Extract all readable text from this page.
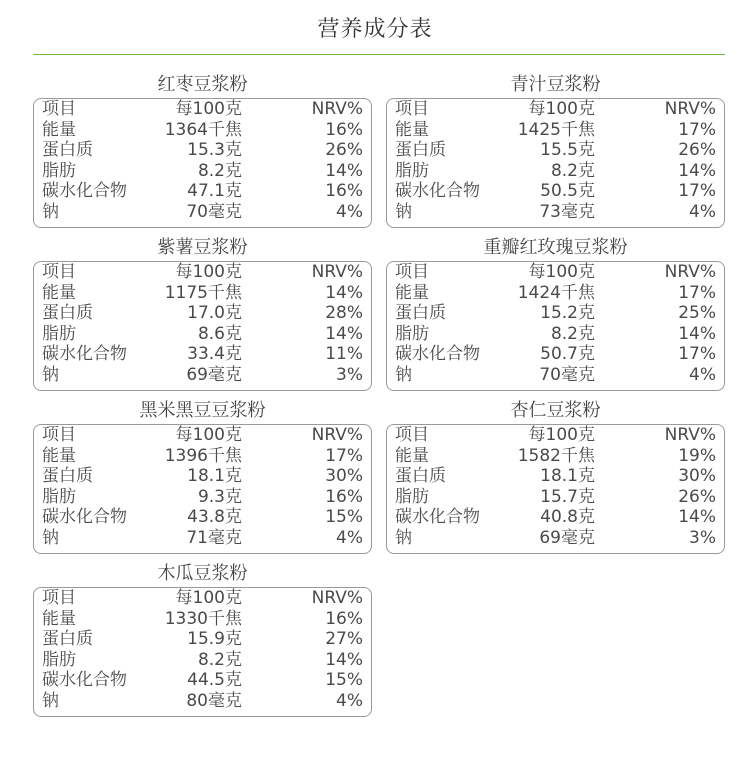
营养成分表
红枣豆浆粉
项目	每100克	NRV%
能量	1364千焦	16%
蛋白质	15.3克	26%
脂肪	8.2克	14%
碳水化合物	47.1克	16%
钠	70毫克	4%
青汁豆浆粉
项目	每100克	NRV%
能量	1425千焦	17%
蛋白质	15.5克	26%
脂肪	8.2克	14%
碳水化合物	50.5克	17%
钠	73毫克	4%
紫薯豆浆粉
项目	每100克	NRV%
能量	1175千焦	14%
蛋白质	17.0克	28%
脂肪	8.6克	14%
碳水化合物	33.4克	11%
钠	69毫克	3%
重瓣红玫瑰豆浆粉
项目	每100克	NRV%
能量	1424千焦	17%
蛋白质	15.2克	25%
脂肪	8.2克	14%
碳水化合物	50.7克	17%
钠	70毫克	4%
黑米黑豆豆浆粉
项目	每100克	NRV%
能量	1396千焦	17%
蛋白质	18.1克	30%
脂肪	9.3克	16%
碳水化合物	43.8克	15%
钠	71毫克	4%
杏仁豆浆粉
项目	每100克	NRV%
能量	1582千焦	19%
蛋白质	18.1克	30%
脂肪	15.7克	26%
碳水化合物	40.8克	14%
钠	69毫克	3%
木瓜豆浆粉
项目	每100克	NRV%
能量	1330千焦	16%
蛋白质	15.9克	27%
脂肪	8.2克	14%
碳水化合物	44.5克	15%
钠	80毫克	4%
